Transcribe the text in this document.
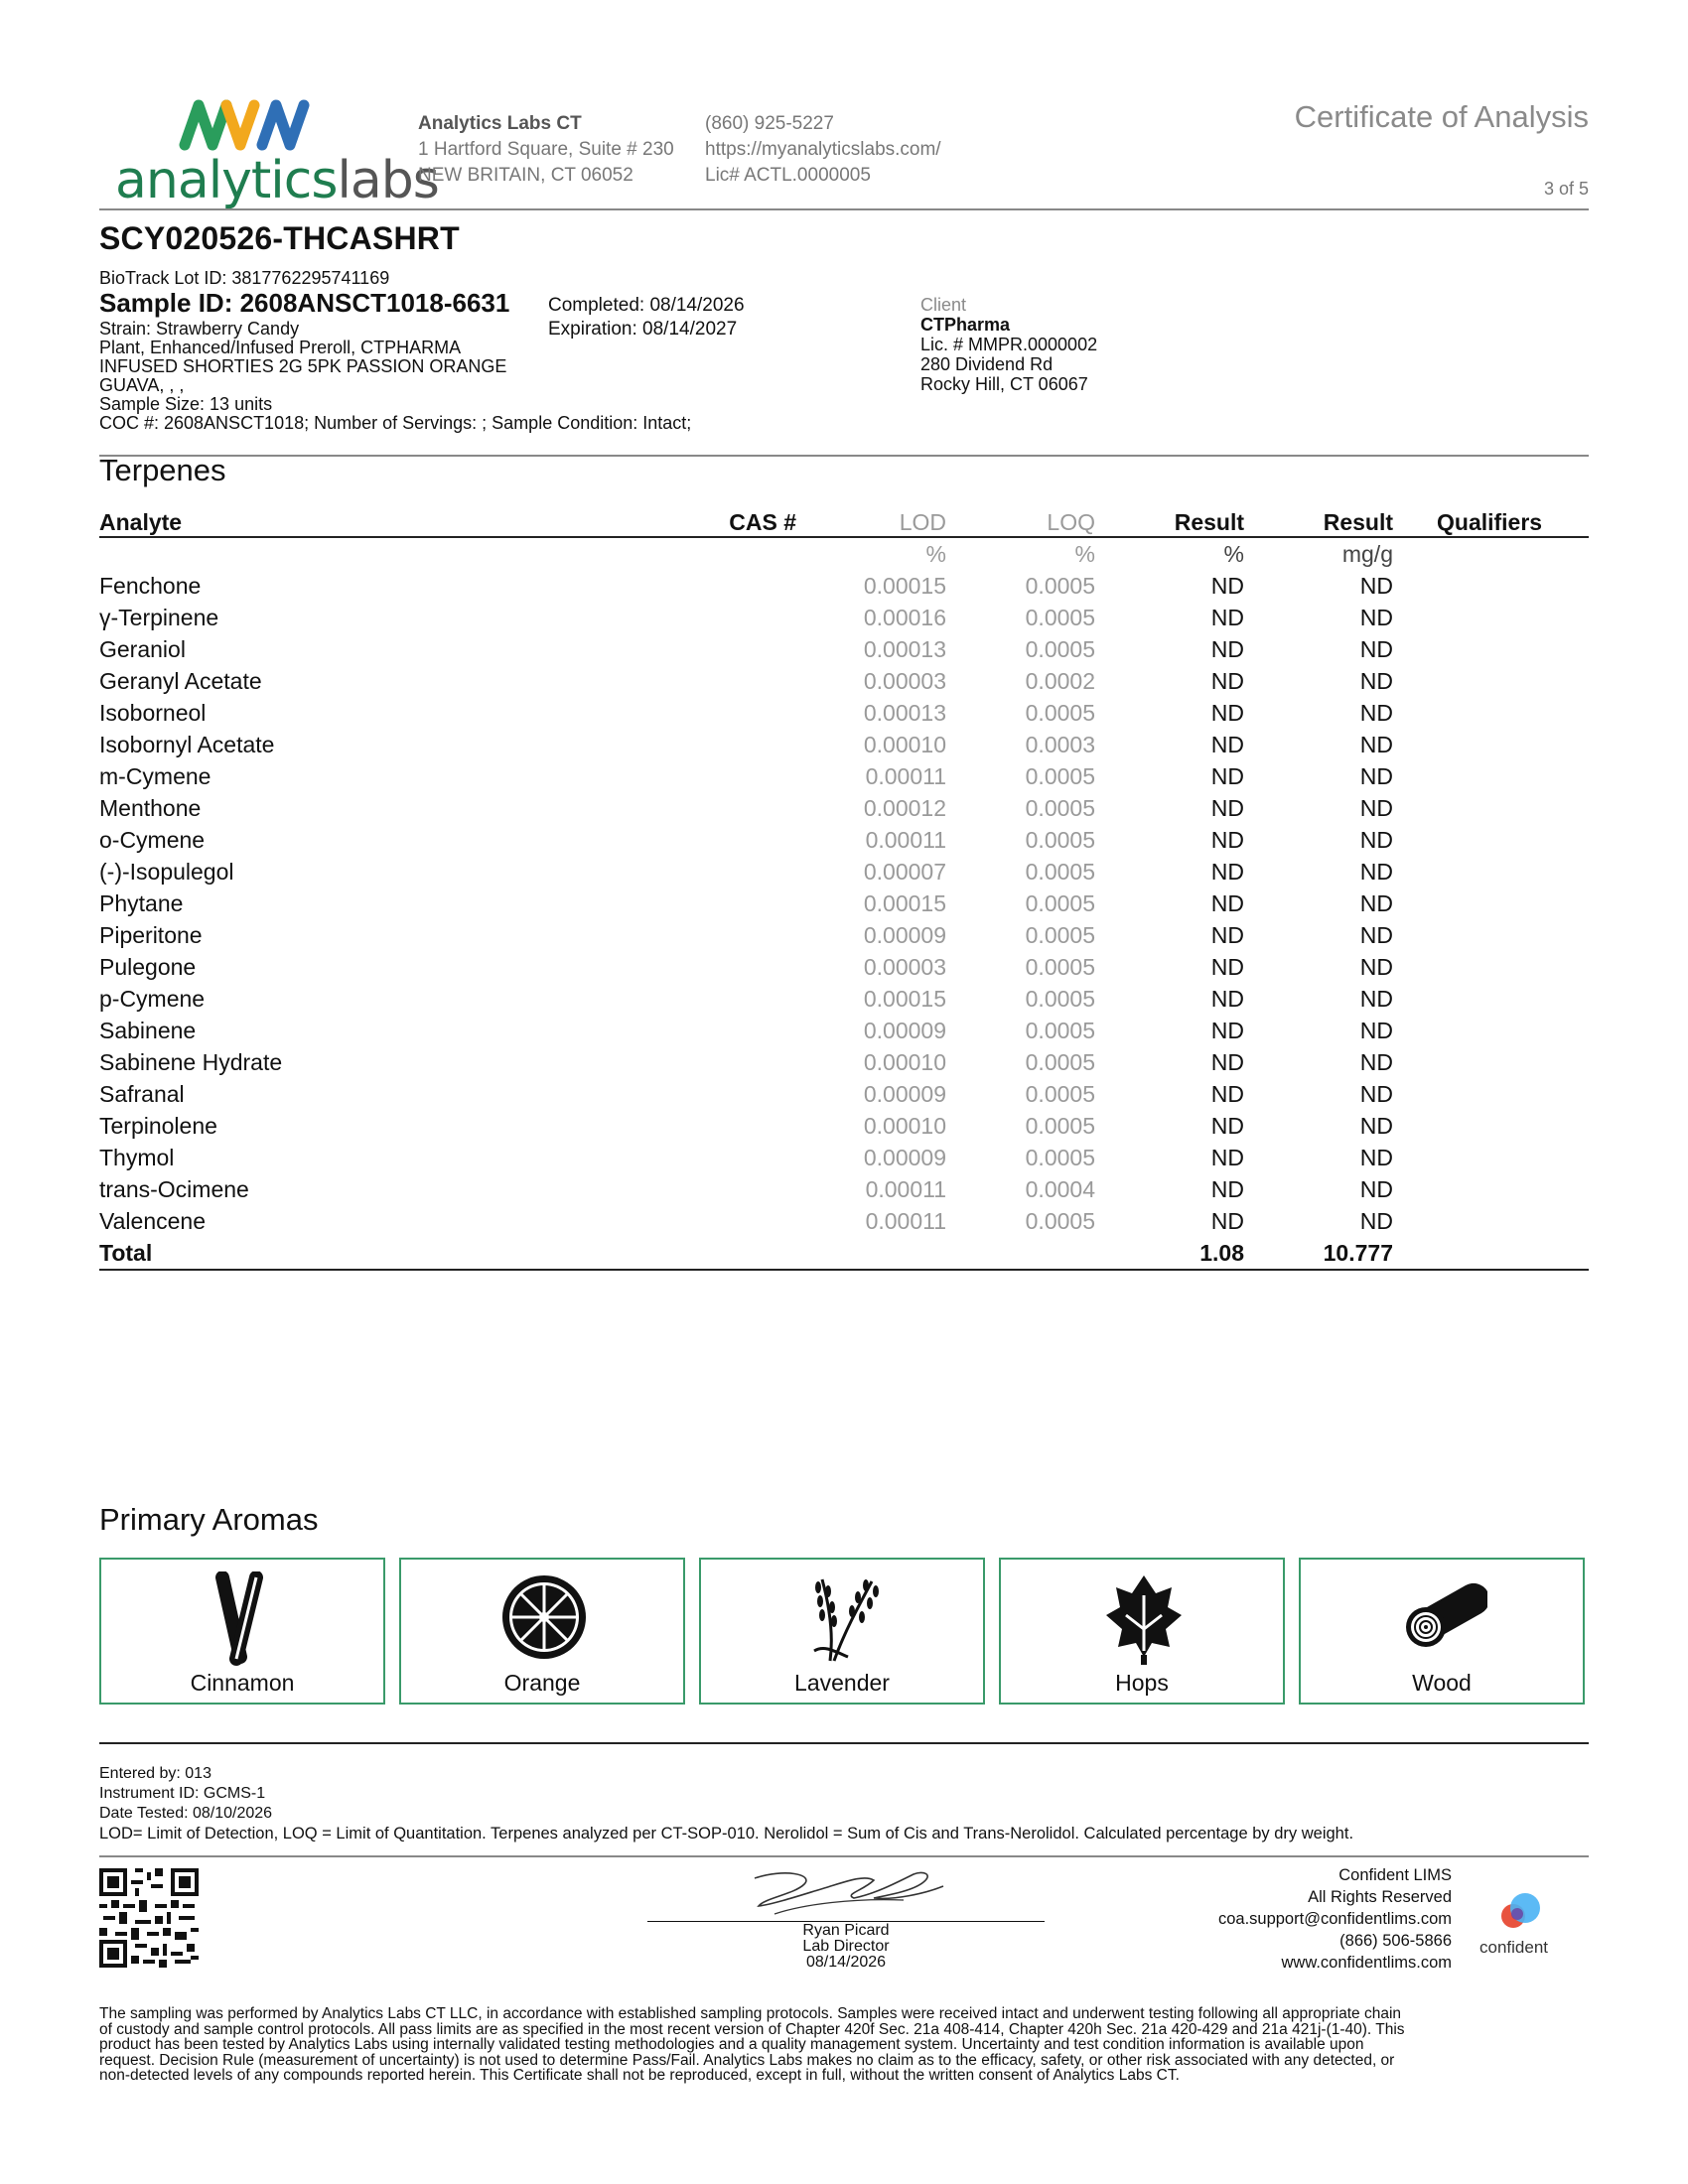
analyticslabs
Analytics Labs CT
1 Hartford Square, Suite # 230
NEW BRITAIN, CT 06052
(860) 925-5227
https://myanalyticslabs.com/
Lic# ACTL.0000005
Certificate of Analysis
3 of 5
SCY020526-THCASHRT
BioTrack Lot ID: 3817762295741169
Sample ID: 2608ANSCT1018-6631
Strain: Strawberry Candy
Plant, Enhanced/Infused Preroll, CTPHARMA
INFUSED SHORTIES 2G 5PK PASSION ORANGE
GUAVA, , ,
Sample Size: 13 units
COC #: 2608ANSCT1018; Number of Servings: ; Sample Condition: Intact;
Completed: 08/14/2026
Expiration: 08/14/2027
Client
CTPharma
Lic. # MMPR.0000002
280 Dividend Rd
Rocky Hill, CT 06067
Terpenes
Analyte	CAS #	LOD	LOQ	Result	Result	Qualifiers
		%	%	%	mg/g	
Fenchone		0.00015	0.0005	ND	ND	
γ-Terpinene		0.00016	0.0005	ND	ND	
Geraniol		0.00013	0.0005	ND	ND	
Geranyl Acetate		0.00003	0.0002	ND	ND	
Isoborneol		0.00013	0.0005	ND	ND	
Isobornyl Acetate		0.00010	0.0003	ND	ND	
m-Cymene		0.00011	0.0005	ND	ND	
Menthone		0.00012	0.0005	ND	ND	
o-Cymene		0.00011	0.0005	ND	ND	
(-)-Isopulegol		0.00007	0.0005	ND	ND	
Phytane		0.00015	0.0005	ND	ND	
Piperitone		0.00009	0.0005	ND	ND	
Pulegone		0.00003	0.0005	ND	ND	
p-Cymene		0.00015	0.0005	ND	ND	
Sabinene		0.00009	0.0005	ND	ND	
Sabinene Hydrate		0.00010	0.0005	ND	ND	
Safranal		0.00009	0.0005	ND	ND	
Terpinolene		0.00010	0.0005	ND	ND	
Thymol		0.00009	0.0005	ND	ND	
trans-Ocimene		0.00011	0.0004	ND	ND	
Valencene		0.00011	0.0005	ND	ND	
Total				1.08	10.777	
Primary Aromas
Cinnamon	Orange	Lavender	Hops	Wood
Entered by: 013
Instrument ID: GCMS-1
Date Tested: 08/10/2026
LOD= Limit of Detection, LOQ = Limit of Quantitation. Terpenes analyzed per CT-SOP-010. Nerolidol = Sum of Cis and Trans-Nerolidol. Calculated percentage by dry weight.
Ryan Picard
Lab Director
08/14/2026
Confident LIMS
All Rights Reserved
coa.support@confidentlims.com
(866) 506-5866
www.confidentlims.com
confident
The sampling was performed by Analytics Labs CT LLC, in accordance with established sampling protocols. Samples were received intact and underwent testing following all appropriate chain
of custody and sample control protocols. All pass limits are as specified in the most recent version of Chapter 420f Sec. 21a 408-414, Chapter 420h Sec. 21a 420-429 and 21a 421j-(1-40). This
product has been tested by Analytics Labs using internally validated testing methodologies and a quality management system. Uncertainty and test condition information is available upon
request. Decision Rule (measurement of uncertainty) is not used to determine Pass/Fail. Analytics Labs makes no claim as to the efficacy, safety, or other risk associated with any detected, or
non-detected levels of any compounds reported herein. This Certificate shall not be reproduced, except in full, without the written consent of Analytics Labs CT.
